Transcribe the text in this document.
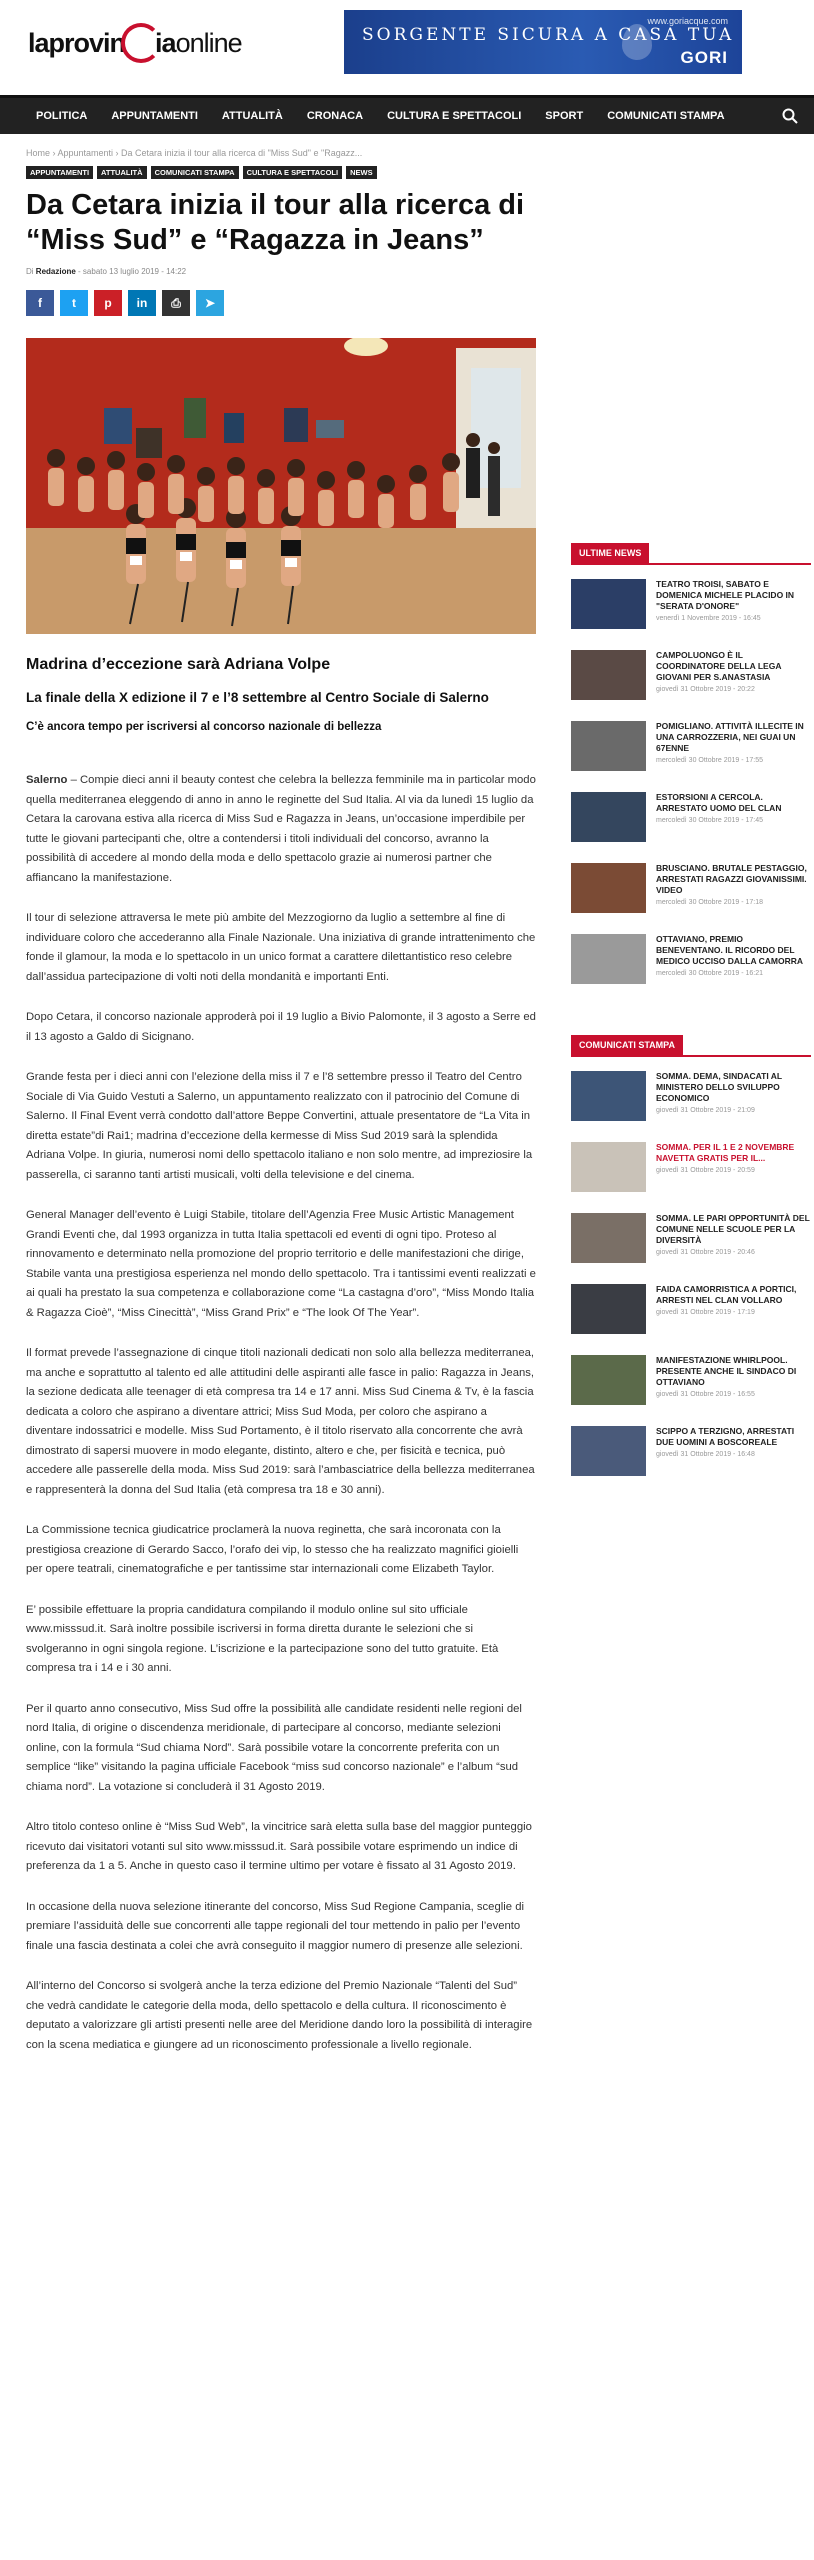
laprovin iaonline	SORGENTE SICURA A CASA TUA
www.goriacque.com
GORI
POLITICA	APPUNTAMENTI	ATTUALITÀ	CRONACA	CULTURA E SPETTACOLI	SPORT	COMUNICATI STAMPA
Home › Appuntamenti › Da Cetara inizia il tour alla ricerca di "Miss Sud" e "Ragazz...
APPUNTAMENTI	ATTUALITÀ	COMUNICATI STAMPA	CULTURA E SPETTACOLI	NEWS
Da Cetara inizia il tour alla ricerca di “Miss Sud” e “Ragazza in Jeans”
Di Redazione - sabato 13 luglio 2019 - 14:22
f	t	p	in	⎙	➤
Madrina d’eccezione sarà Adriana Volpe
La finale della X edizione il 7 e l’8 settembre al Centro Sociale di Salerno
C’è ancora tempo per iscriversi al concorso nazionale di bellezza

Salerno – Compie dieci anni il beauty contest che celebra la bellezza femminile ma in particolar modo quella mediterranea eleggendo di anno in anno le reginette del Sud Italia. Al via da lunedì 15 luglio da Cetara la carovana estiva alla ricerca di Miss Sud e Ragazza in Jeans, un’occasione imperdibile per tutte le giovani partecipanti che, oltre a contendersi i titoli individuali del concorso, avranno la possibilità di accedere al mondo della moda e dello spettacolo grazie ai numerosi partner che affiancano la manifestazione.

Il tour di selezione attraversa le mete più ambite del Mezzogiorno da luglio a settembre al fine di individuare coloro che accederanno alla Finale Nazionale. Una iniziativa di grande intrattenimento che fonde il glamour, la moda e lo spettacolo in un unico format a carattere dilettantistico reso celebre dall’assidua partecipazione di volti noti della mondanità e importanti Enti.

Dopo Cetara, il concorso nazionale approderà poi il 19 luglio a Bivio Palomonte, il 3 agosto a Serre ed il 13 agosto a Galdo di Sicignano.

Grande festa per i dieci anni con l’elezione della miss il 7 e l’8 settembre presso il Teatro del Centro Sociale di Via Guido Vestuti a Salerno, un appuntamento realizzato con il patrocinio del Comune di Salerno. Il Final Event verrà condotto dall’attore Beppe Convertini, attuale presentatore de “La Vita in diretta estate”di Rai1; madrina d’eccezione della kermesse di Miss Sud 2019 sarà la splendida Adriana Volpe. In giuria, numerosi nomi dello spettacolo italiano e non solo mentre, ad impreziosire la passerella, ci saranno tanti artisti musicali, volti della televisione e del cinema.

General Manager dell’evento è Luigi Stabile, titolare dell’Agenzia Free Music Artistic Management Grandi Eventi che, dal 1993 organizza in tutta Italia spettacoli ed eventi di ogni tipo. Proteso al rinnovamento e determinato nella promozione del proprio territorio e delle manifestazioni che dirige, Stabile vanta una prestigiosa esperienza nel mondo dello spettacolo. Tra i tantissimi eventi realizzati e ai quali ha prestato la sua competenza e collaborazione come “La castagna d’oro”, “Miss Mondo Italia & Ragazza Cioè”, “Miss Cinecittà”, “Miss Grand Prix” e “The look Of The Year”.

Il format prevede l’assegnazione di cinque titoli nazionali dedicati non solo alla bellezza mediterranea, ma anche e soprattutto al talento ed alle attitudini delle aspiranti alle fasce in palio: Ragazza in Jeans, la sezione dedicata alle teenager di età compresa tra 14 e 17 anni. Miss Sud Cinema & Tv, è la fascia dedicata a coloro che aspirano a diventare attrici; Miss Sud Moda, per coloro che aspirano a diventare indossatrici e modelle. Miss Sud Portamento, è il titolo riservato alla concorrente che avrà dimostrato di sapersi muovere in modo elegante, distinto, altero e che, per fisicità e tecnica, può accedere alle passerelle della moda. Miss Sud 2019: sarà l’ambasciatrice della bellezza mediterranea e rappresenterà la donna del Sud Italia (età compresa tra 18 e 30 anni).

La Commissione tecnica giudicatrice proclamerà la nuova reginetta, che sarà incoronata con la prestigiosa creazione di Gerardo Sacco, l’orafo dei vip, lo stesso che ha realizzato magnifici gioielli per opere teatrali, cinematografiche e per tantissime star internazionali come Elizabeth Taylor.

E’ possibile effettuare la propria candidatura compilando il modulo online sul sito ufficiale www.misssud.it. Sarà inoltre possibile iscriversi in forma diretta durante le selezioni che si svolgeranno in ogni singola regione. L’iscrizione e la partecipazione sono del tutto gratuite. Età compresa tra i 14 e i 30 anni.

Per il quarto anno consecutivo, Miss Sud offre la possibilità alle candidate residenti nelle regioni del nord Italia, di origine o discendenza meridionale, di partecipare al concorso, mediante selezioni online, con la formula “Sud chiama Nord”. Sarà possibile votare la concorrente preferita con un semplice “like” visitando la pagina ufficiale Facebook “miss sud concorso nazionale” e l’album “sud chiama nord”. La votazione si concluderà il 31 Agosto 2019.

Altro titolo conteso online è “Miss Sud Web”, la vincitrice sarà eletta sulla base del maggior punteggio ricevuto dai visitatori votanti sul sito www.misssud.it. Sarà possibile votare esprimendo un indice di preferenza da 1 a 5. Anche in questo caso il termine ultimo per votare è fissato al 31 Agosto 2019.

In occasione della nuova selezione itinerante del concorso, Miss Sud Regione Campania, sceglie di premiare l’assiduità delle sue concorrenti alle tappe regionali del tour mettendo in palio per l’evento finale una fascia destinata a colei che avrà conseguito il maggior numero di presenze alle selezioni.

All’interno del Concorso si svolgerà anche la terza edizione del Premio Nazionale “Talenti del Sud” che vedrà candidate le categorie della moda, dello spettacolo e della cultura. Il riconoscimento è deputato a valorizzare gli artisti presenti nelle aree del Meridione dando loro la possibilità di interagire con la scena mediatica e giungere ad un riconoscimento professionale a livello regionale.

ULTIME NEWS
TEATRO TROISI, SABATO E DOMENICA MICHELE PLACIDO IN "SERATA D'ONORE"
venerdì 1 Novembre 2019 - 16:45
CAMPOLUONGO È IL COORDINATORE DELLA LEGA GIOVANI PER S.ANASTASIA
giovedì 31 Ottobre 2019 - 20:22
POMIGLIANO. ATTIVITÀ ILLECITE IN UNA CARROZZERIA, NEI GUAI UN 67ENNE
mercoledì 30 Ottobre 2019 - 17:55
ESTORSIONI A CERCOLA. ARRESTATO UOMO DEL CLAN
mercoledì 30 Ottobre 2019 - 17:45
BRUSCIANO. BRUTALE PESTAGGIO, ARRESTATI RAGAZZI GIOVANISSIMI. VIDEO
mercoledì 30 Ottobre 2019 - 17:18
OTTAVIANO, PREMIO BENEVENTANO. IL RICORDO DEL MEDICO UCCISO DALLA CAMORRA
mercoledì 30 Ottobre 2019 - 16:21
COMUNICATI STAMPA
SOMMA. DEMA, SINDACATI AL MINISTERO DELLO SVILUPPO ECONOMICO
giovedì 31 Ottobre 2019 - 21:09
SOMMA. PER IL 1 E 2 NOVEMBRE NAVETTA GRATIS PER IL...
giovedì 31 Ottobre 2019 - 20:59
SOMMA. LE PARI OPPORTUNITÀ DEL COMUNE NELLE SCUOLE PER LA DIVERSITÀ
giovedì 31 Ottobre 2019 - 20:46
FAIDA CAMORRISTICA A PORTICI, ARRESTI NEL CLAN VOLLARO
giovedì 31 Ottobre 2019 - 17:19
MANIFESTAZIONE WHIRLPOOL. PRESENTE ANCHE IL SINDACO DI OTTAVIANO
giovedì 31 Ottobre 2019 - 16:55
SCIPPO A TERZIGNO, ARRESTATI DUE UOMINI A BOSCOREALE
giovedì 31 Ottobre 2019 - 16:48
